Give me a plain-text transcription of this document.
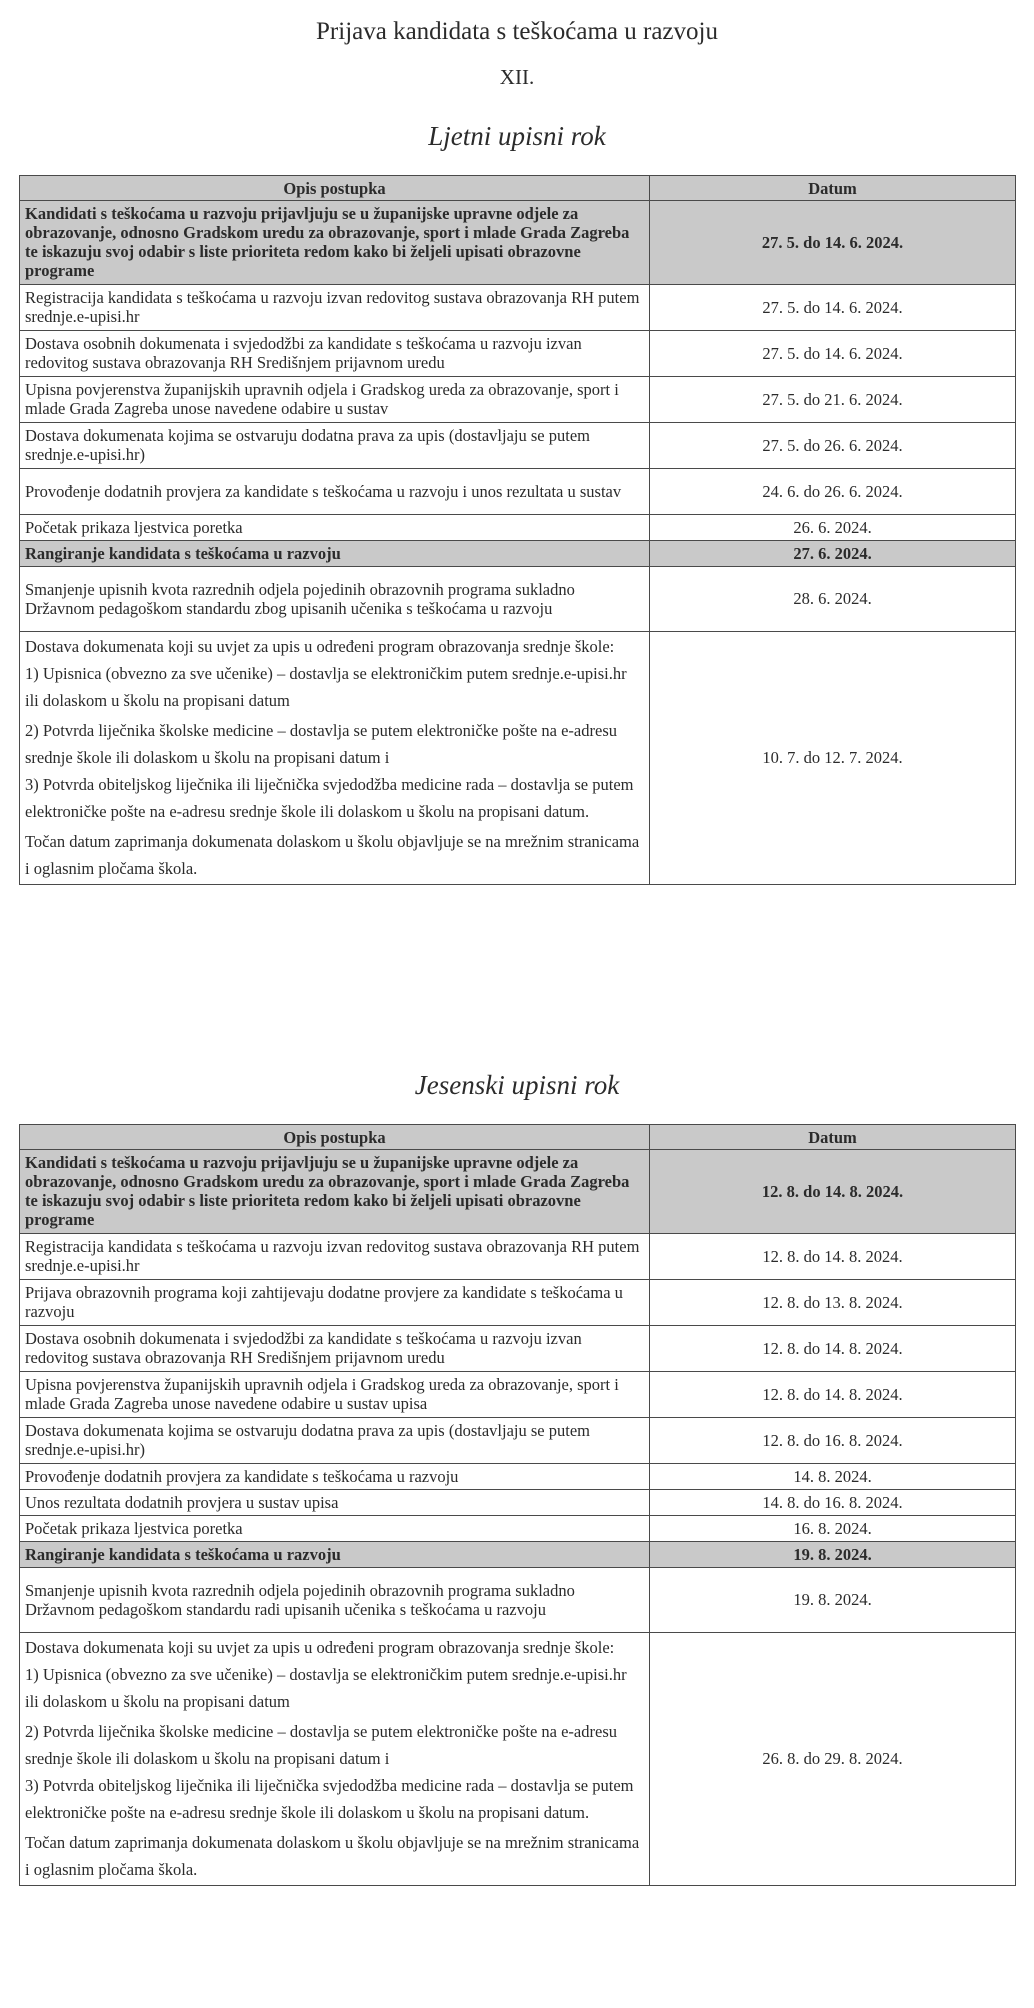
Prijava kandidata s teškoćama u razvoju
XII.
Ljetni upisni rok
Opis postupka	Datum
Kandidati s teškoćama u razvoju prijavljuju se u županijske upravne odjele za obrazovanje, odnosno Gradskom uredu za obrazovanje, sport i mlade Grada Zagreba te iskazuju svoj odabir s liste prioriteta redom kako bi željeli upisati obrazovne programe	27. 5. do 14. 6. 2024.
Registracija kandidata s teškoćama u razvoju izvan redovitog sustava obrazovanja RH putem srednje.e-upisi.hr	27. 5. do 14. 6. 2024.
Dostava osobnih dokumenata i svjedodžbi za kandidate s teškoćama u razvoju izvan redovitog sustava obrazovanja RH Središnjem prijavnom uredu	27. 5. do 14. 6. 2024.
Upisna povjerenstva županijskih upravnih odjela i Gradskog ureda za obrazovanje, sport i mlade Grada Zagreba unose navedene odabire u sustav	27. 5. do 21. 6. 2024.
Dostava dokumenata kojima se ostvaruju dodatna prava za upis (dostavljaju se putem srednje.e-upisi.hr)	27. 5. do 26. 6. 2024.
Provođenje dodatnih provjera za kandidate s teškoćama u razvoju i unos rezultata u sustav	24. 6. do 26. 6. 2024.
Početak prikaza ljestvica poretka	26. 6. 2024.
Rangiranje kandidata s teškoćama u razvoju	27. 6. 2024.
Smanjenje upisnih kvota razrednih odjela pojedinih obrazovnih programa sukladno Državnom pedagoškom standardu zbog upisanih učenika s teškoćama u razvoju	28. 6. 2024.

Dostava dokumenata koji su uvjet za upis u određeni program obrazovanja srednje škole:

1) Upisnica (obvezno za sve učenike) – dostavlja se elektroničkim putem srednje.e-upisi.hr ili dolaskom u školu na propisani datum

2) Potvrda liječnika školske medicine – dostavlja se putem elektroničke pošte na e-adresu srednje škole ili dolaskom u školu na propisani datum i

3) Potvrda obiteljskog liječnika ili liječnička svjedodžba medicine rada – dostavlja se putem elektroničke pošte na e-adresu srednje škole ili dolaskom u školu na propisani datum.

Točan datum zaprimanja dokumenata dolaskom u školu objavljuje se na mrežnim stranicama i oglasnim pločama škola.	10. 7. do 12. 7. 2024.
Jesenski upisni rok
Opis postupka	Datum
Kandidati s teškoćama u razvoju prijavljuju se u županijske upravne odjele za obrazovanje, odnosno Gradskom uredu za obrazovanje, sport i mlade Grada Zagreba te iskazuju svoj odabir s liste prioriteta redom kako bi željeli upisati obrazovne programe	12. 8. do 14. 8. 2024.
Registracija kandidata s teškoćama u razvoju izvan redovitog sustava obrazovanja RH putem srednje.e-upisi.hr	12. 8. do 14. 8. 2024.
Prijava obrazovnih programa koji zahtijevaju dodatne provjere za kandidate s teškoćama u razvoju	12. 8. do 13. 8. 2024.
Dostava osobnih dokumenata i svjedodžbi za kandidate s teškoćama u razvoju izvan redovitog sustava obrazovanja RH Središnjem prijavnom uredu	12. 8. do 14. 8. 2024.
Upisna povjerenstva županijskih upravnih odjela i Gradskog ureda za obrazovanje, sport i mlade Grada Zagreba unose navedene odabire u sustav upisa	12. 8. do 14. 8. 2024.
Dostava dokumenata kojima se ostvaruju dodatna prava za upis (dostavljaju se putem srednje.e-upisi.hr)	12. 8. do 16. 8. 2024.
Provođenje dodatnih provjera za kandidate s teškoćama u razvoju	14. 8. 2024.
Unos rezultata dodatnih provjera u sustav upisa	14. 8. do 16. 8. 2024.
Početak prikaza ljestvica poretka	16. 8. 2024.
Rangiranje kandidata s teškoćama u razvoju	19. 8. 2024.
Smanjenje upisnih kvota razrednih odjela pojedinih obrazovnih programa sukladno Državnom pedagoškom standardu radi upisanih učenika s teškoćama u razvoju	19. 8. 2024.

Dostava dokumenata koji su uvjet za upis u određeni program obrazovanja srednje škole:

1) Upisnica (obvezno za sve učenike) – dostavlja se elektroničkim putem srednje.e-upisi.hr ili dolaskom u školu na propisani datum

2) Potvrda liječnika školske medicine – dostavlja se putem elektroničke pošte na e-adresu srednje škole ili dolaskom u školu na propisani datum i

3) Potvrda obiteljskog liječnika ili liječnička svjedodžba medicine rada – dostavlja se putem elektroničke pošte na e-adresu srednje škole ili dolaskom u školu na propisani datum.

Točan datum zaprimanja dokumenata dolaskom u školu objavljuje se na mrežnim stranicama i oglasnim pločama škola.	26. 8. do 29. 8. 2024.
